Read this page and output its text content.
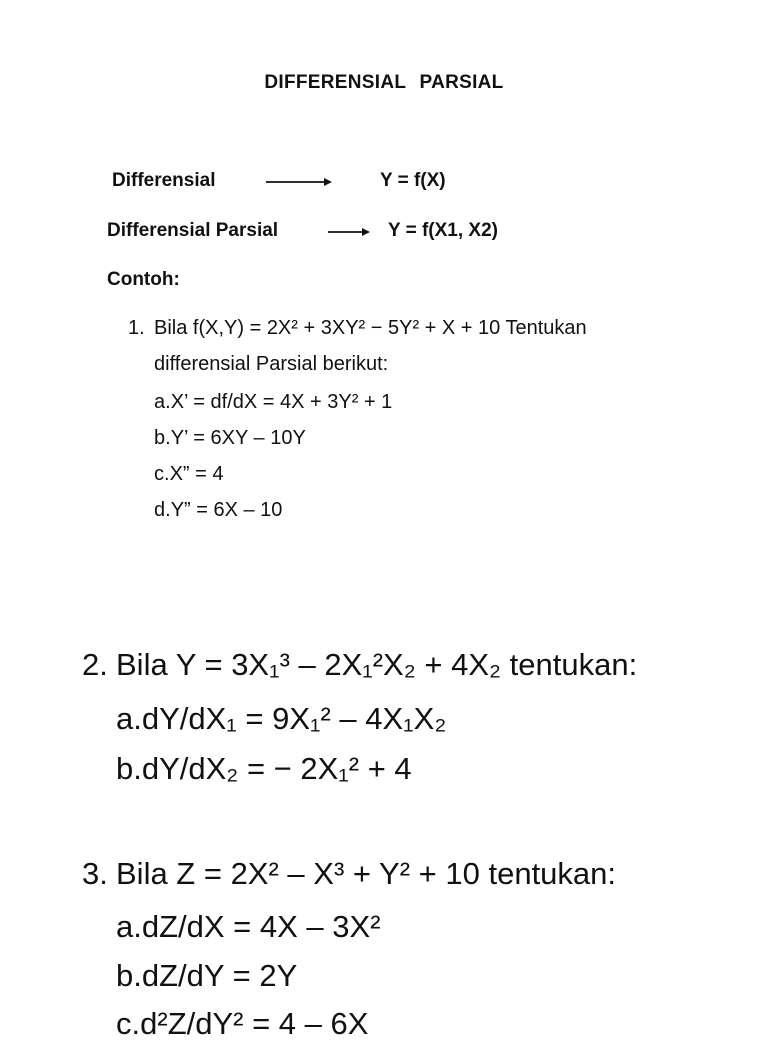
DIFFERENSIAL PARSIAL
Differensial	Y = f(X)
Differensial Parsial	Y = f(X1, X2)
Contoh:
1. Bila f(X,Y) = 2X² + 3XY² − 5Y² + X + 10 Tentukan
differensial Parsial berikut:
a.X’ = df/dX = 4X + 3Y² + 1
b.Y’ = 6XY – 10Y
c.X” = 4
d.Y” = 6X – 10
2. Bila Y = 3X₁³ – 2X₁²X₂ + 4X₂ tentukan:
a.dY/dX₁ = 9X₁² – 4X₁X₂
b.dY/dX₂ = − 2X₁² + 4
3. Bila Z = 2X² – X³ + Y² + 10 tentukan:
a.dZ/dX = 4X – 3X²
b.dZ/dY = 2Y
c.d²Z/dY² = 4 – 6X
